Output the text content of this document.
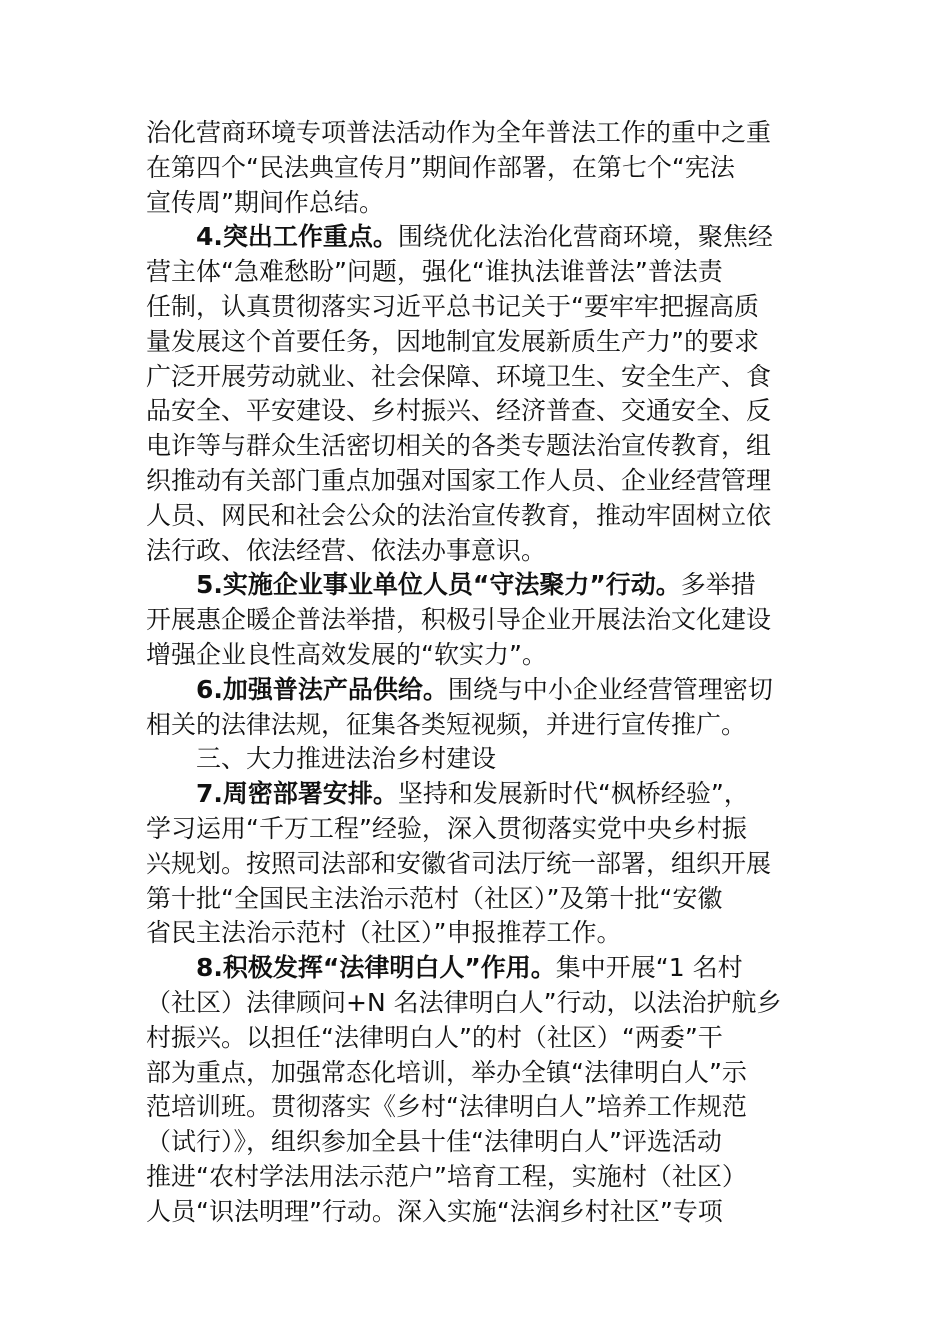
治化营商环境专项普法活动作为全年普法工作的重中之重
在第四个“民法典宣传月”期间作部署，在第七个“宪法
宣传周”期间作总结。
4.突出工作重点。围绕优化法治化营商环境，聚焦经
营主体“急难愁盼”问题，强化“谁执法谁普法”普法责
任制，认真贯彻落实习近平总书记关于“要牢牢把握高质
量发展这个首要任务，因地制宜发展新质生产力”的要求
广泛开展劳动就业、社会保障、环境卫生、安全生产、食
品安全、平安建设、乡村振兴、经济普查、交通安全、反
电诈等与群众生活密切相关的各类专题法治宣传教育，组
织推动有关部门重点加强对国家工作人员、企业经营管理
人员、网民和社会公众的法治宣传教育，推动牢固树立依
法行政、依法经营、依法办事意识。
5.实施企业事业单位人员“守法聚力”行动。多举措
开展惠企暖企普法举措，积极引导企业开展法治文化建设
增强企业良性高效发展的“软实力”。
6.加强普法产品供给。围绕与中小企业经营管理密切
相关的法律法规，征集各类短视频，并进行宣传推广。
三、大力推进法治乡村建设
7.周密部署安排。坚持和发展新时代“枫桥经验”，
学习运用“千万工程”经验，深入贯彻落实党中央乡村振
兴规划。按照司法部和安徽省司法厅统一部署，组织开展
第十批“全国民主法治示范村（社区）”及第十批“安徽
省民主法治示范村（社区）”申报推荐工作。
8.积极发挥“法律明白人”作用。集中开展“1 名村
（社区）法律顾问+N 名法律明白人”行动，以法治护航乡
村振兴。以担任“法律明白人”的村（社区）“两委”干
部为重点，加强常态化培训，举办全镇“法律明白人”示
范培训班。贯彻落实《乡村“法律明白人”培养工作规范
（试行）》，组织参加全县十佳“法律明白人”评选活动
推进“农村学法用法示范户”培育工程，实施村（社区）
人员“识法明理”行动。深入实施“法润乡村社区”专项
